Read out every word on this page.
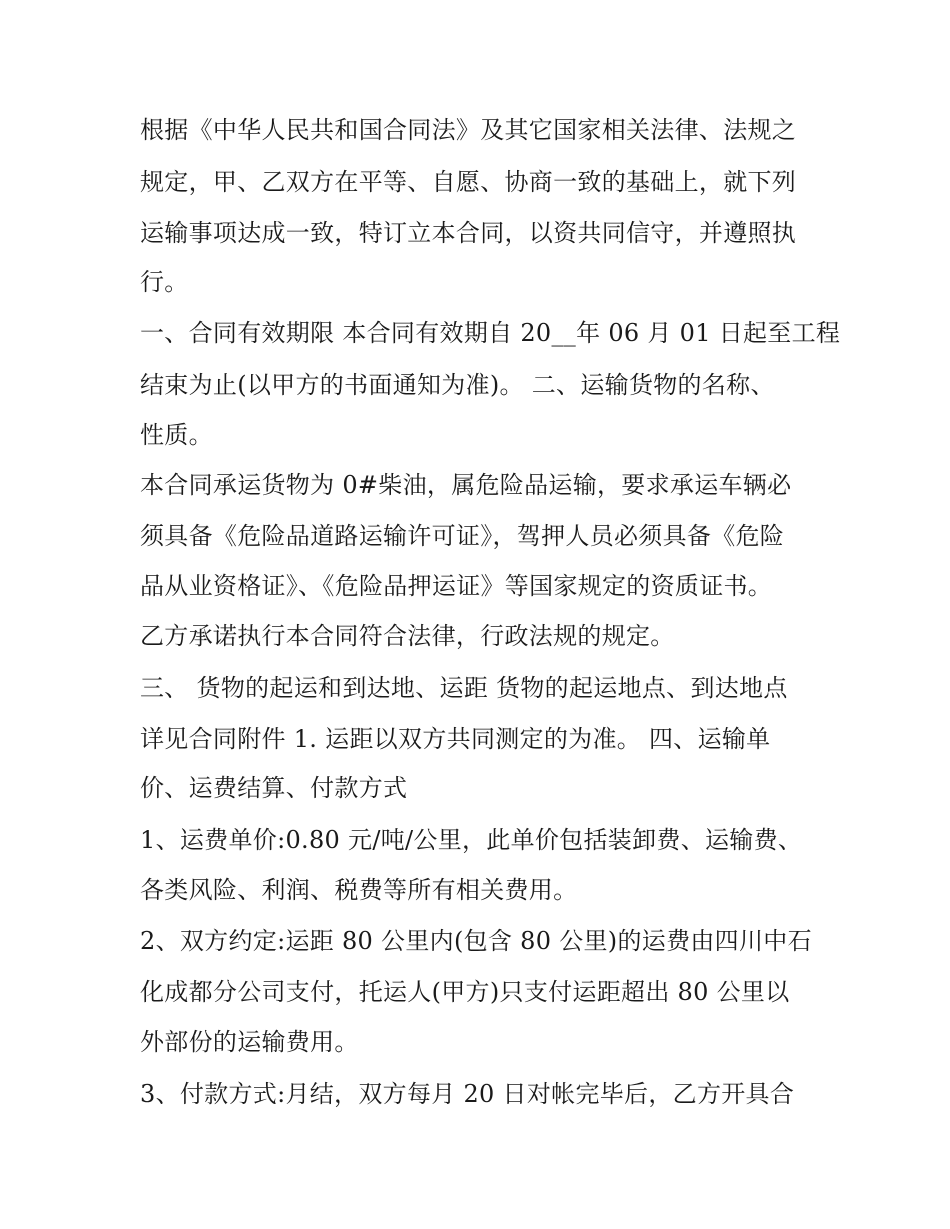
根据《中华人民共和国合同法》及其它国家相关法律、法规之
规定，甲、乙双方在平等、自愿、协商一致的基础上，就下列
运输事项达成一致，特订立本合同，以资共同信守，并遵照执
行。
一、合同有效期限 本合同有效期自 20__年 06 月 01 日起至工程
结束为止(以甲方的书面通知为准)。 二、运输货物的名称、
性质。
本合同承运货物为 0#柴油，属危险品运输，要求承运车辆必
须具备《危险品道路运输许可证》，驾押人员必须具备《危险
品从业资格证》、《危险品押运证》等国家规定的资质证书。
乙方承诺执行本合同符合法律，行政法规的规定。
三、 货物的起运和到达地、运距 货物的起运地点、到达地点
详见合同附件 1. 运距以双方共同测定的为准。 四、运输单
价、运费结算、付款方式
1、运费单价:0.80 元/吨/公里，此单价包括装卸费、运输费、
各类风险、利润、税费等所有相关费用。
2、双方约定:运距 80 公里内(包含 80 公里)的运费由四川中石
化成都分公司支付，托运人(甲方)只支付运距超出 80 公里以
外部份的运输费用。
3、付款方式:月结，双方每月 20 日对帐完毕后，乙方开具合
